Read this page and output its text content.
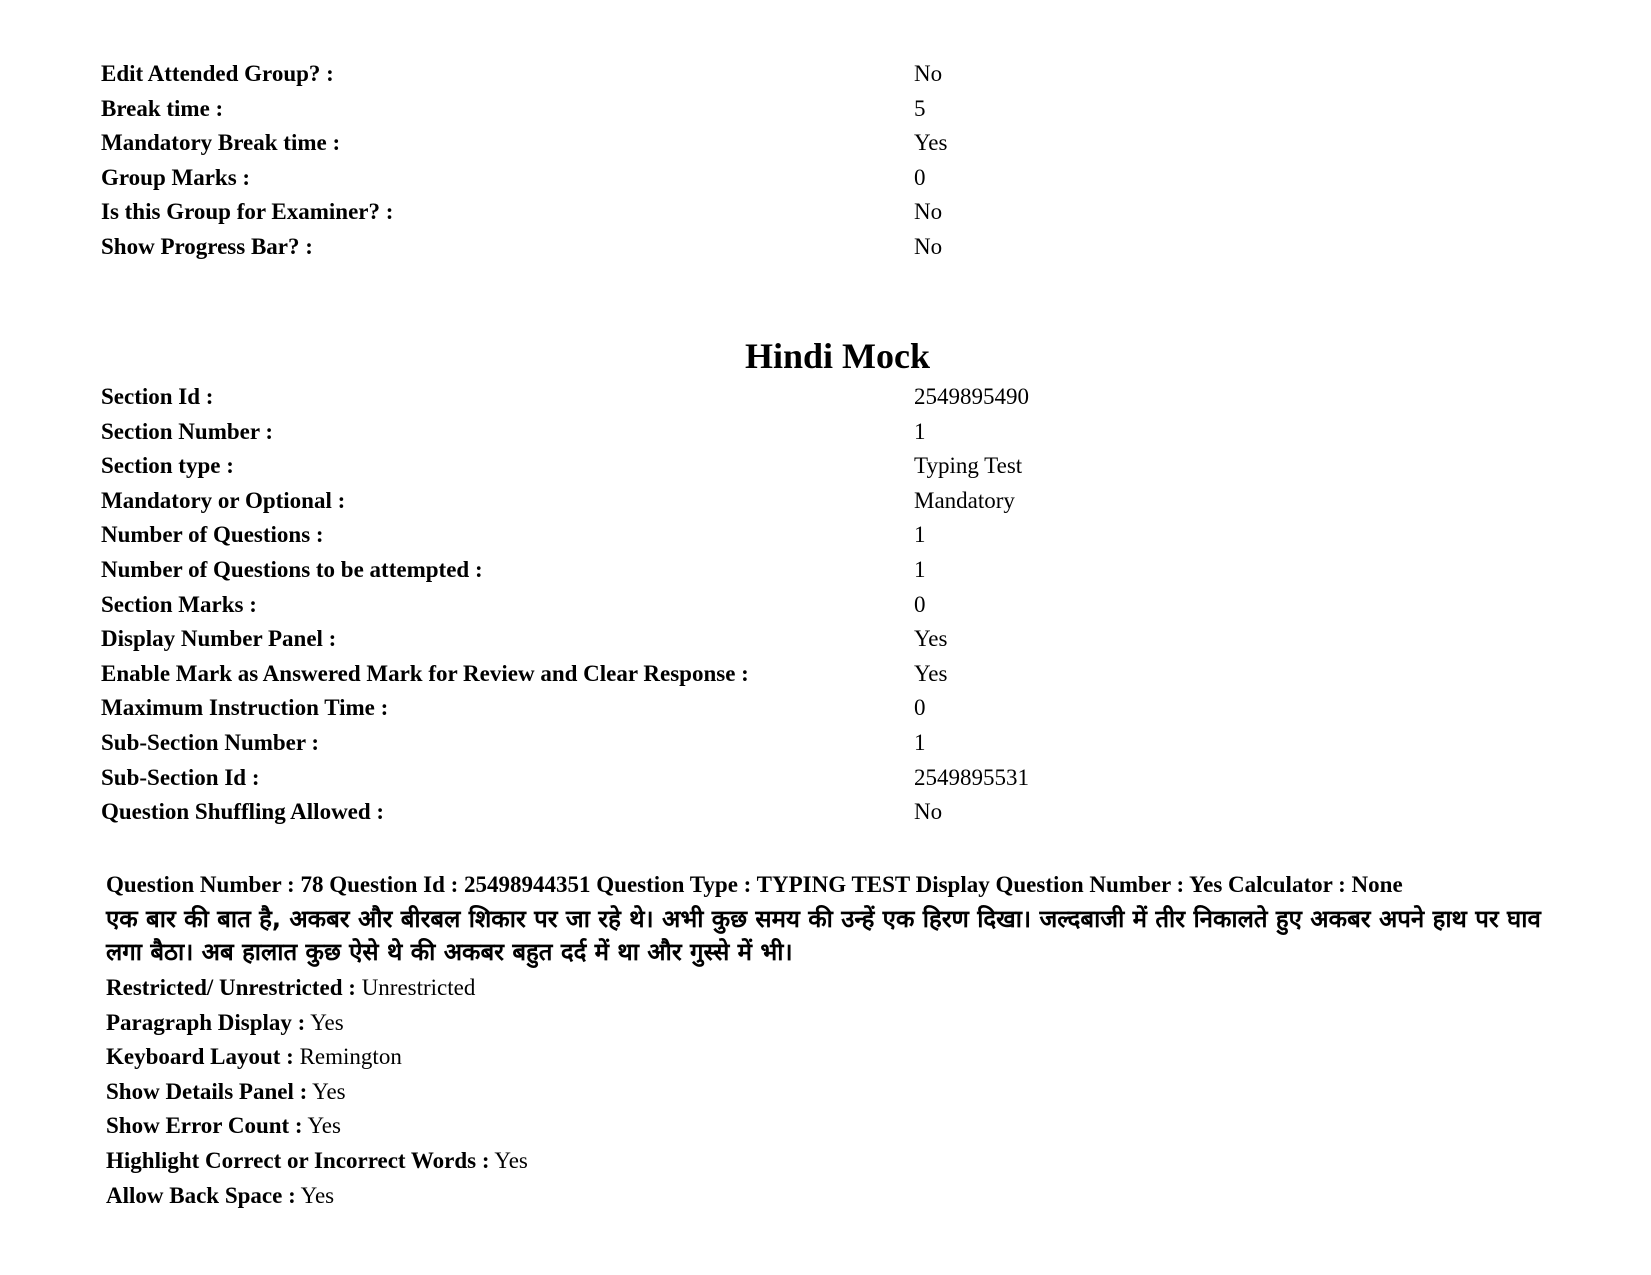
Edit Attended Group? :	No
Break time :	5
Mandatory Break time :	Yes
Group Marks :	0
Is this Group for Examiner? :	No
Show Progress Bar? :	No
Hindi Mock
Section Id :	2549895490
Section Number :	1
Section type :	Typing Test
Mandatory or Optional :	Mandatory
Number of Questions :	1
Number of Questions to be attempted :	1
Section Marks :	0
Display Number Panel :	Yes
Enable Mark as Answered Mark for Review and Clear Response :	Yes
Maximum Instruction Time :	0
Sub-Section Number :	1
Sub-Section Id :	2549895531
Question Shuffling Allowed :	No
Question Number : 78 Question Id : 25498944351 Question Type : TYPING TEST Display Question Number : Yes Calculator : None
एक बार की बात है, अकबर और बीरबल शिकार पर जा रहे थे। अभी कुछ समय की उन्हें एक हिरण दिखा। जल्दबाजी में तीर निकालते हुए अकबर अपने हाथ पर घाव लगा बैठा। अब हालात कुछ ऐसे थे की अकबर बहुत दर्द में था और गुस्से में भी।
Restricted/ Unrestricted : Unrestricted
Paragraph Display : Yes
Keyboard Layout : Remington
Show Details Panel : Yes
Show Error Count : Yes
Highlight Correct or Incorrect Words : Yes
Allow Back Space : Yes
